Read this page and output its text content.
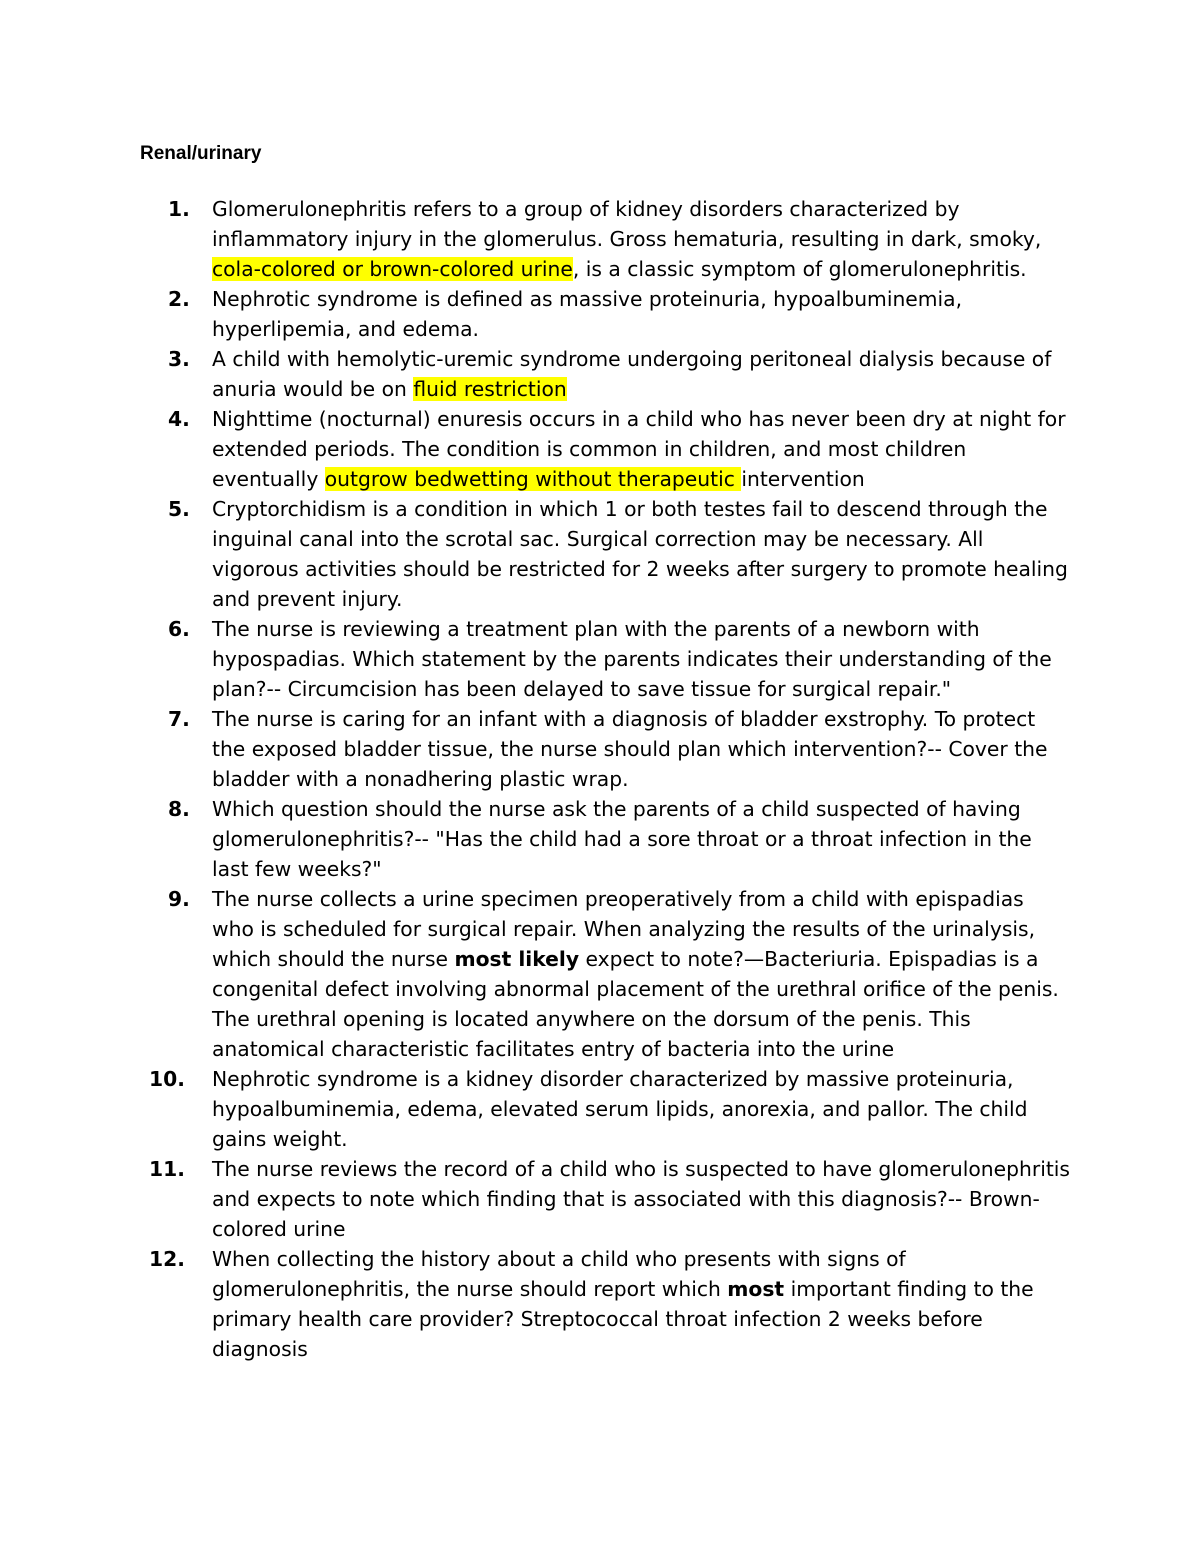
Renal/urinary
1. Glomerulonephritis refers to a group of kidney disorders characterized by inflammatory injury in the glomerulus. Gross hematuria, resulting in dark, smoky, cola-colored or brown-colored urine, is a classic symptom of glomerulonephritis.
2. Nephrotic syndrome is defined as massive proteinuria, hypoalbuminemia, hyperlipemia, and edema.
3. A child with hemolytic-uremic syndrome undergoing peritoneal dialysis because of anuria would be on fluid restriction
4. Nighttime (nocturnal) enuresis occurs in a child who has never been dry at night for extended periods. The condition is common in children, and most children eventually outgrow bedwetting without therapeutic intervention
5. Cryptorchidism is a condition in which 1 or both testes fail to descend through the inguinal canal into the scrotal sac. Surgical correction may be necessary. All vigorous activities should be restricted for 2 weeks after surgery to promote healing and prevent injury.
6. The nurse is reviewing a treatment plan with the parents of a newborn with hypospadias. Which statement by the parents indicates their understanding of the plan?-- Circumcision has been delayed to save tissue for surgical repair."
7. The nurse is caring for an infant with a diagnosis of bladder exstrophy. To protect the exposed bladder tissue, the nurse should plan which intervention?-- Cover the bladder with a nonadhering plastic wrap.
8. Which question should the nurse ask the parents of a child suspected of having glomerulonephritis?-- "Has the child had a sore throat or a throat infection in the last few weeks?"
9. The nurse collects a urine specimen preoperatively from a child with epispadias who is scheduled for surgical repair. When analyzing the results of the urinalysis, which should the nurse most likely expect to note?—Bacteriuria. Epispadias is a congenital defect involving abnormal placement of the urethral orifice of the penis. The urethral opening is located anywhere on the dorsum of the penis. This anatomical characteristic facilitates entry of bacteria into the urine
10. Nephrotic syndrome is a kidney disorder characterized by massive proteinuria, hypoalbuminemia, edema, elevated serum lipids, anorexia, and pallor. The child gains weight.
11. The nurse reviews the record of a child who is suspected to have glomerulonephritis and expects to note which finding that is associated with this diagnosis?-- Brown-colored urine
12. When collecting the history about a child who presents with signs of glomerulonephritis, the nurse should report which most important finding to the primary health care provider? Streptococcal throat infection 2 weeks before diagnosis
